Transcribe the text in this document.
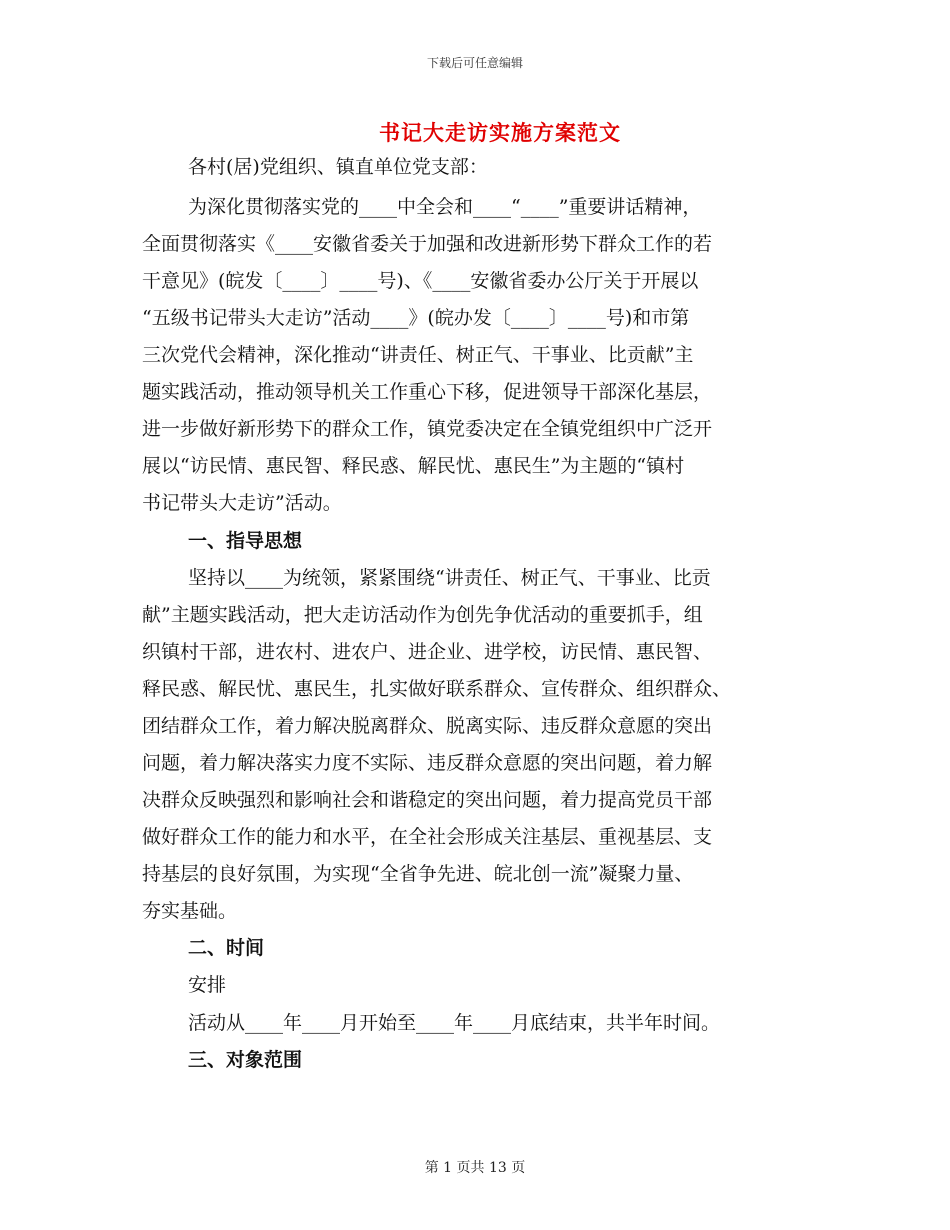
下载后可任意编辑
书记大走访实施方案范文
各村(居)党组织、镇直单位党支部：
为深化贯彻落实党的____中全会和____“____”重要讲话精神，
全面贯彻落实《____安徽省委关于加强和改进新形势下群众工作的若
干意见》(皖发〔____〕____号)、《____安徽省委办公厅关于开展以
“五级书记带头大走访”活动____》(皖办发〔____〕____号)和市第
三次党代会精神，深化推动“讲责任、树正气、干事业、比贡献”主
题实践活动，推动领导机关工作重心下移，促进领导干部深化基层，
进一步做好新形势下的群众工作，镇党委决定在全镇党组织中广泛开
展以“访民情、惠民智、释民惑、解民忧、惠民生”为主题的“镇村
书记带头大走访”活动。
一、指导思想
坚持以____为统领，紧紧围绕“讲责任、树正气、干事业、比贡
献”主题实践活动，把大走访活动作为创先争优活动的重要抓手，组
织镇村干部，进农村、进农户、进企业、进学校，访民情、惠民智、
释民惑、解民忧、惠民生，扎实做好联系群众、宣传群众、组织群众、
团结群众工作，着力解决脱离群众、脱离实际、违反群众意愿的突出
问题，着力解决落实力度不实际、违反群众意愿的突出问题，着力解
决群众反映强烈和影响社会和谐稳定的突出问题，着力提高党员干部
做好群众工作的能力和水平，在全社会形成关注基层、重视基层、支
持基层的良好氛围，为实现“全省争先进、皖北创一流”凝聚力量、
夯实基础。
二、时间
安排
活动从____年____月开始至____年____月底结束，共半年时间。
三、对象范围
第 1 页共 13 页
